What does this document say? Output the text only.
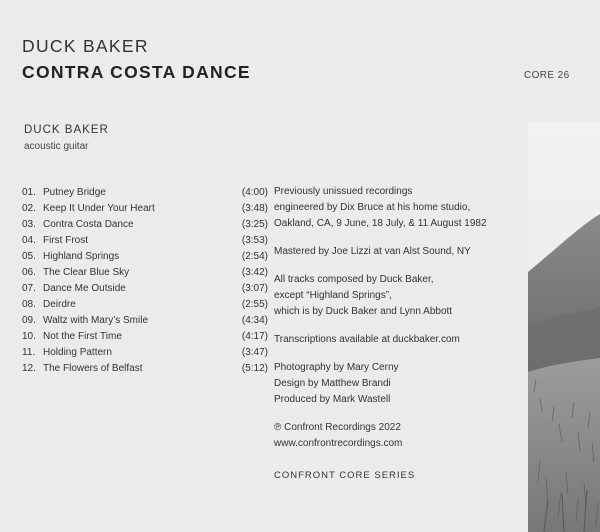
DUCK BAKER
CONTRA COSTA DANCE	CORE 26
DUCK BAKER
acoustic guitar
01. Putney Bridge	(4:00)
02. Keep It Under Your Heart	(3:48)
03. Contra Costa Dance	(3:25)
04. First Frost	(3:53)
05. Highland Springs	(2:54)
06. The Clear Blue Sky	(3:42)
07. Dance Me Outside	(3:07)
08. Deirdre	(2:55)
09. Waltz with Mary’s Smile	(4:34)
10. Not the First Time	(4:17)
11. Holding Pattern	(3:47)
12. The Flowers of Belfast	(5:12)

Previously unissued recordings
engineered by Dix Bruce at his home studio,
Oakland, CA, 9 June, 18 July, & 11 August 1982

Mastered by Joe Lizzi at van Alst Sound, NY

All tracks composed by Duck Baker,
except “Highland Springs”,
which is by Duck Baker and Lynn Abbott

Transcriptions available at duckbaker.com

Photography by Mary Cerny
Design by Matthew Brandi
Produced by Mark Wastell

℗ Confront Recordings 2022
www.confrontrecordings.com

CONFRONT CORE SERIES
